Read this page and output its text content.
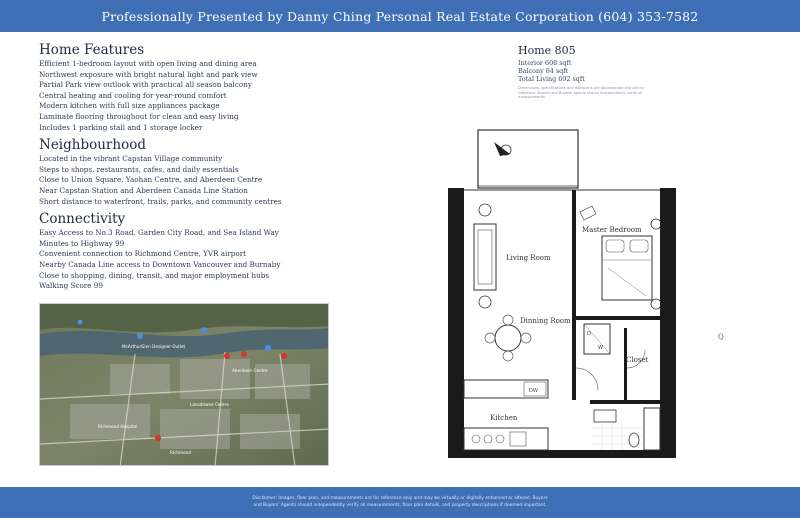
Professionally Presented by Danny Ching Personal Real Estate Corporation (604) 353-7582
Home Features
Efficient 1-bedroom layout with open living and dining area
Northwest exposure with bright natural light and park view
Partial Park view outlook with practical all season balcony
Central heating and cooling for year-round comfort
Modern kitchen with full size appliances package
Laminate flooring throughout for clean and easy living
Includes 1 parking stall and 1 storage locker
Neighbourhood
Located in the vibrant Capstan Village community
Steps to shops, restaurants, cafes, and daily essentials
Close to Union Square, Yaohan Centre, and Aberdeen Centre
Near Capstan Station and Aberdeen Canada Line Station
Short distance to waterfront, trails, parks, and community centres
Connectivity
Easy Access to No.3 Road, Garden City Road, and Sea Island Way
Minutes to Highway 99
Convenient connection to Richmond Centre, YVR airport
Nearby Canada Line access to Downtown Vancouver and Burnaby
Close to shopping, dining, transit, and major employment hubs
Walking Score 99
McArthurGlen Designer Outlet
Richmond Hospital
Richmond
Lansdowne Centre
Aberdeen Centre
Home 805
Interior 608 sqft
Balcony 84 sqft
Total Living 692 sqft
Dimensions, specifications and floorplans are approximate and are for reference. Buyers and Buyers' agents should independently verify all measurements.
Living Room
Master Bedroom
Dinning Room
Kitchen
Closet
D
W
DW
Q
Disclaimer: Images, floor plan, and measurements are for reference only and may be virtually or digitally enhanced or altered. Buyers
and Buyers' Agents should independently verify all measurements, floor plan details, and property descriptions if deemed important.
